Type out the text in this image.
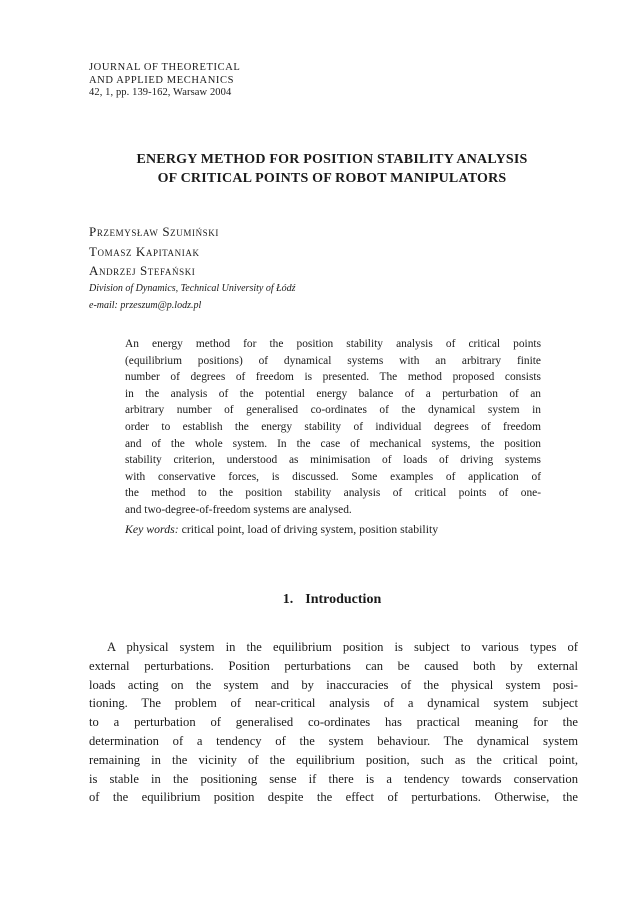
JOURNAL OF THEORETICAL
AND APPLIED MECHANICS
42, 1, pp. 139-162, Warsaw 2004
ENERGY METHOD FOR POSITION STABILITY ANALYSIS
OF CRITICAL POINTS OF ROBOT MANIPULATORS
Przemysław Szumiński
Tomasz Kapitaniak
Andrzej Stefański
Division of Dynamics, Technical University of Łódź
e-mail: przeszum@p.lodz.pl
An energy method for the position stability analysis of critical points
(equilibrium positions) of dynamical systems with an arbitrary finite
number of degrees of freedom is presented. The method proposed consists
in the analysis of the potential energy balance of a perturbation of an
arbitrary number of generalised co-ordinates of the dynamical system in
order to establish the energy stability of individual degrees of freedom
and of the whole system. In the case of mechanical systems, the position
stability criterion, understood as minimisation of loads of driving systems
with conservative forces, is discussed. Some examples of application of
the method to the position stability analysis of critical points of one-
and two-degree-of-freedom systems are analysed.
Key words: critical point, load of driving system, position stability
1. Introduction
A physical system in the equilibrium position is subject to various types of
external perturbations. Position perturbations can be caused both by external
loads acting on the system and by inaccuracies of the physical system posi-
tioning. The problem of near-critical analysis of a dynamical system subject
to a perturbation of generalised co-ordinates has practical meaning for the
determination of a tendency of the system behaviour. The dynamical system
remaining in the vicinity of the equilibrium position, such as the critical point,
is stable in the positioning sense if there is a tendency towards conservation
of the equilibrium position despite the effect of perturbations. Otherwise, the
